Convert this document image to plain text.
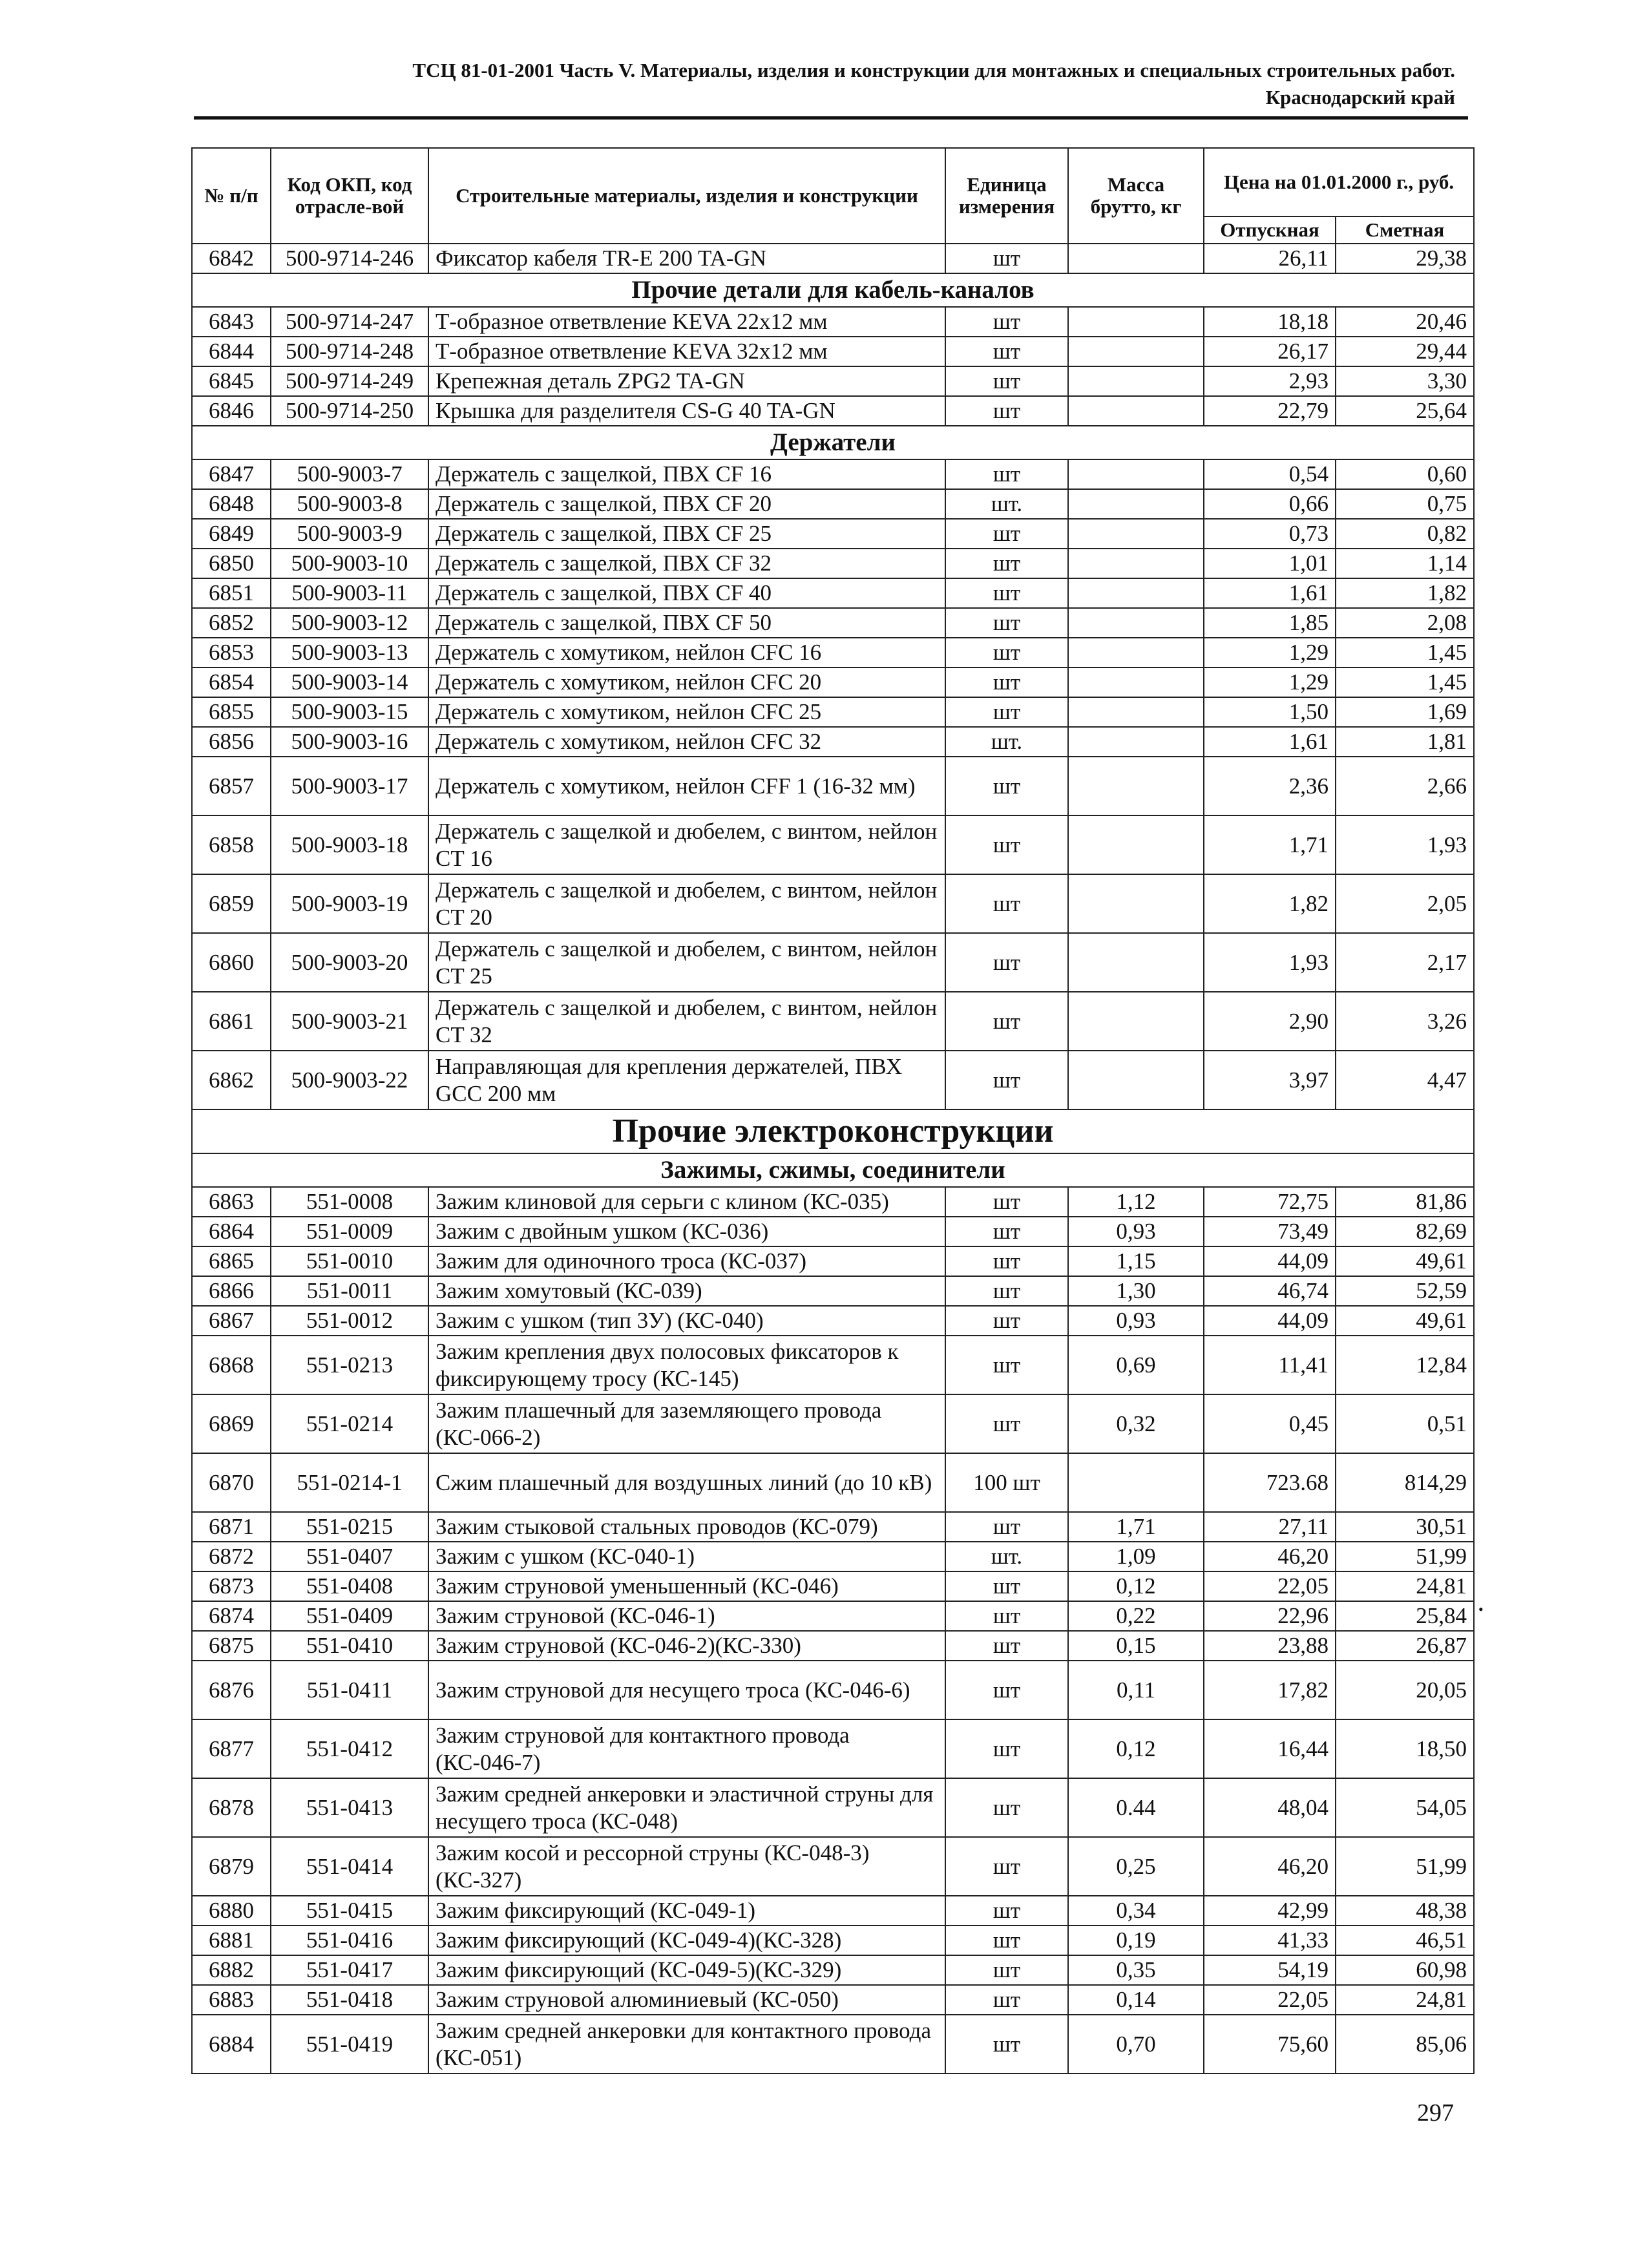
ТСЦ 81-01-2001 Часть V. Материалы, изделия и конструкции для монтажных и специальных строительных работ.
Краснодарский край
№ п/п	Код ОКП, код отрасле-вой	Строительные материалы, изделия и конструкции	Единица измерения	Масса брутто, кг	Цена на 01.01.2000 г., руб.	
					Отпускная	Сметная
6842	500-9714-246	Фиксатор кабеля TR-E 200 TA-GN	шт		26,11	29,38
Прочие детали для кабель-каналов						
6843	500-9714-247	Т-образное ответвление KEVA 22х12 мм	шт		18,18	20,46
6844	500-9714-248	Т-образное ответвление KEVA 32х12 мм	шт		26,17	29,44
6845	500-9714-249	Крепежная деталь ZPG2 TA-GN	шт		2,93	3,30
6846	500-9714-250	Крышка для разделителя CS-G 40 TA-GN	шт		22,79	25,64
Держатели						
6847	500-9003-7	Держатель с защелкой, ПВХ CF 16	шт		0,54	0,60
6848	500-9003-8	Держатель с защелкой, ПВХ CF 20	шт.		0,66	0,75
6849	500-9003-9	Держатель с защелкой, ПВХ CF 25	шт		0,73	0,82
6850	500-9003-10	Держатель с защелкой, ПВХ CF 32	шт		1,01	1,14
6851	500-9003-11	Держатель с защелкой, ПВХ CF 40	шт		1,61	1,82
6852	500-9003-12	Держатель с защелкой, ПВХ CF 50	шт		1,85	2,08
6853	500-9003-13	Держатель с хомутиком, нейлон CFC 16	шт		1,29	1,45
6854	500-9003-14	Держатель с хомутиком, нейлон CFC 20	шт		1,29	1,45
6855	500-9003-15	Держатель с хомутиком, нейлон CFC 25	шт		1,50	1,69
6856	500-9003-16	Держатель с хомутиком, нейлон CFC 32	шт.		1,61	1,81
6857	500-9003-17	Держатель с хомутиком, нейлон CFF 1 (16-32 мм)	шт		2,36	2,66
6858	500-9003-18	Держатель с защелкой и дюбелем, с винтом, нейлон CT 16	шт		1,71	1,93
6859	500-9003-19	Держатель с защелкой и дюбелем, с винтом, нейлон CT 20	шт		1,82	2,05
6860	500-9003-20	Держатель с защелкой и дюбелем, с винтом, нейлон CT 25	шт		1,93	2,17
6861	500-9003-21	Держатель с защелкой и дюбелем, с винтом, нейлон CT 32	шт		2,90	3,26
6862	500-9003-22	Направляющая для крепления держателей, ПВХ GCC 200 мм	шт		3,97	4,47
Прочие электроконструкции						
Зажимы, сжимы, соединители						
6863	551-0008	Зажим клиновой для серьги с клином (КС-035)	шт	1,12	72,75	81,86
6864	551-0009	Зажим с двойным ушком (КС-036)	шт	0,93	73,49	82,69
6865	551-0010	Зажим для одиночного троса (КС-037)	шт	1,15	44,09	49,61
6866	551-0011	Зажим хомутовый (КС-039)	шт	1,30	46,74	52,59
6867	551-0012	Зажим с ушком (тип 3У) (КС-040)	шт	0,93	44,09	49,61
6868	551-0213	Зажим крепления двух полосовых фиксаторов к фиксирующему тросу (КС-145)	шт	0,69	11,41	12,84
6869	551-0214	Зажим плашечный для заземляющего провода (КС-066-2)	шт	0,32	0,45	0,51
6870	551-0214-1	Сжим плашечный для воздушных линий (до 10 кВ)	100 шт		723.68	814,29
6871	551-0215	Зажим стыковой стальных проводов (КС-079)	шт	1,71	27,11	30,51
6872	551-0407	Зажим с ушком (КС-040-1)	шт.	1,09	46,20	51,99
6873	551-0408	Зажим струновой уменьшенный (КС-046)	шт	0,12	22,05	24,81
6874	551-0409	Зажим струновой (КС-046-1)	шт	0,22	22,96	25,84
6875	551-0410	Зажим струновой (КС-046-2)(КС-330)	шт	0,15	23,88	26,87
6876	551-0411	Зажим струновой для несущего троса (КС-046-6)	шт	0,11	17,82	20,05
6877	551-0412	Зажим струновой для контактного провода (КС-046-7)	шт	0,12	16,44	18,50
6878	551-0413	Зажим средней анкеровки и эластичной струны для несущего троса (КС-048)	шт	0.44	48,04	54,05
6879	551-0414	Зажим косой и рессорной струны (КС-048-3)(КС-327)	шт	0,25	46,20	51,99
6880	551-0415	Зажим фиксирующий (КС-049-1)	шт	0,34	42,99	48,38
6881	551-0416	Зажим фиксирующий (КС-049-4)(КС-328)	шт	0,19	41,33	46,51
6882	551-0417	Зажим фиксирующий (КС-049-5)(КС-329)	шт	0,35	54,19	60,98
6883	551-0418	Зажим струновой алюминиевый (КС-050)	шт	0,14	22,05	24,81
6884	551-0419	Зажим средней анкеровки для контактного провода (КС-051)	шт	0,70	75,60	85,06
•
297
